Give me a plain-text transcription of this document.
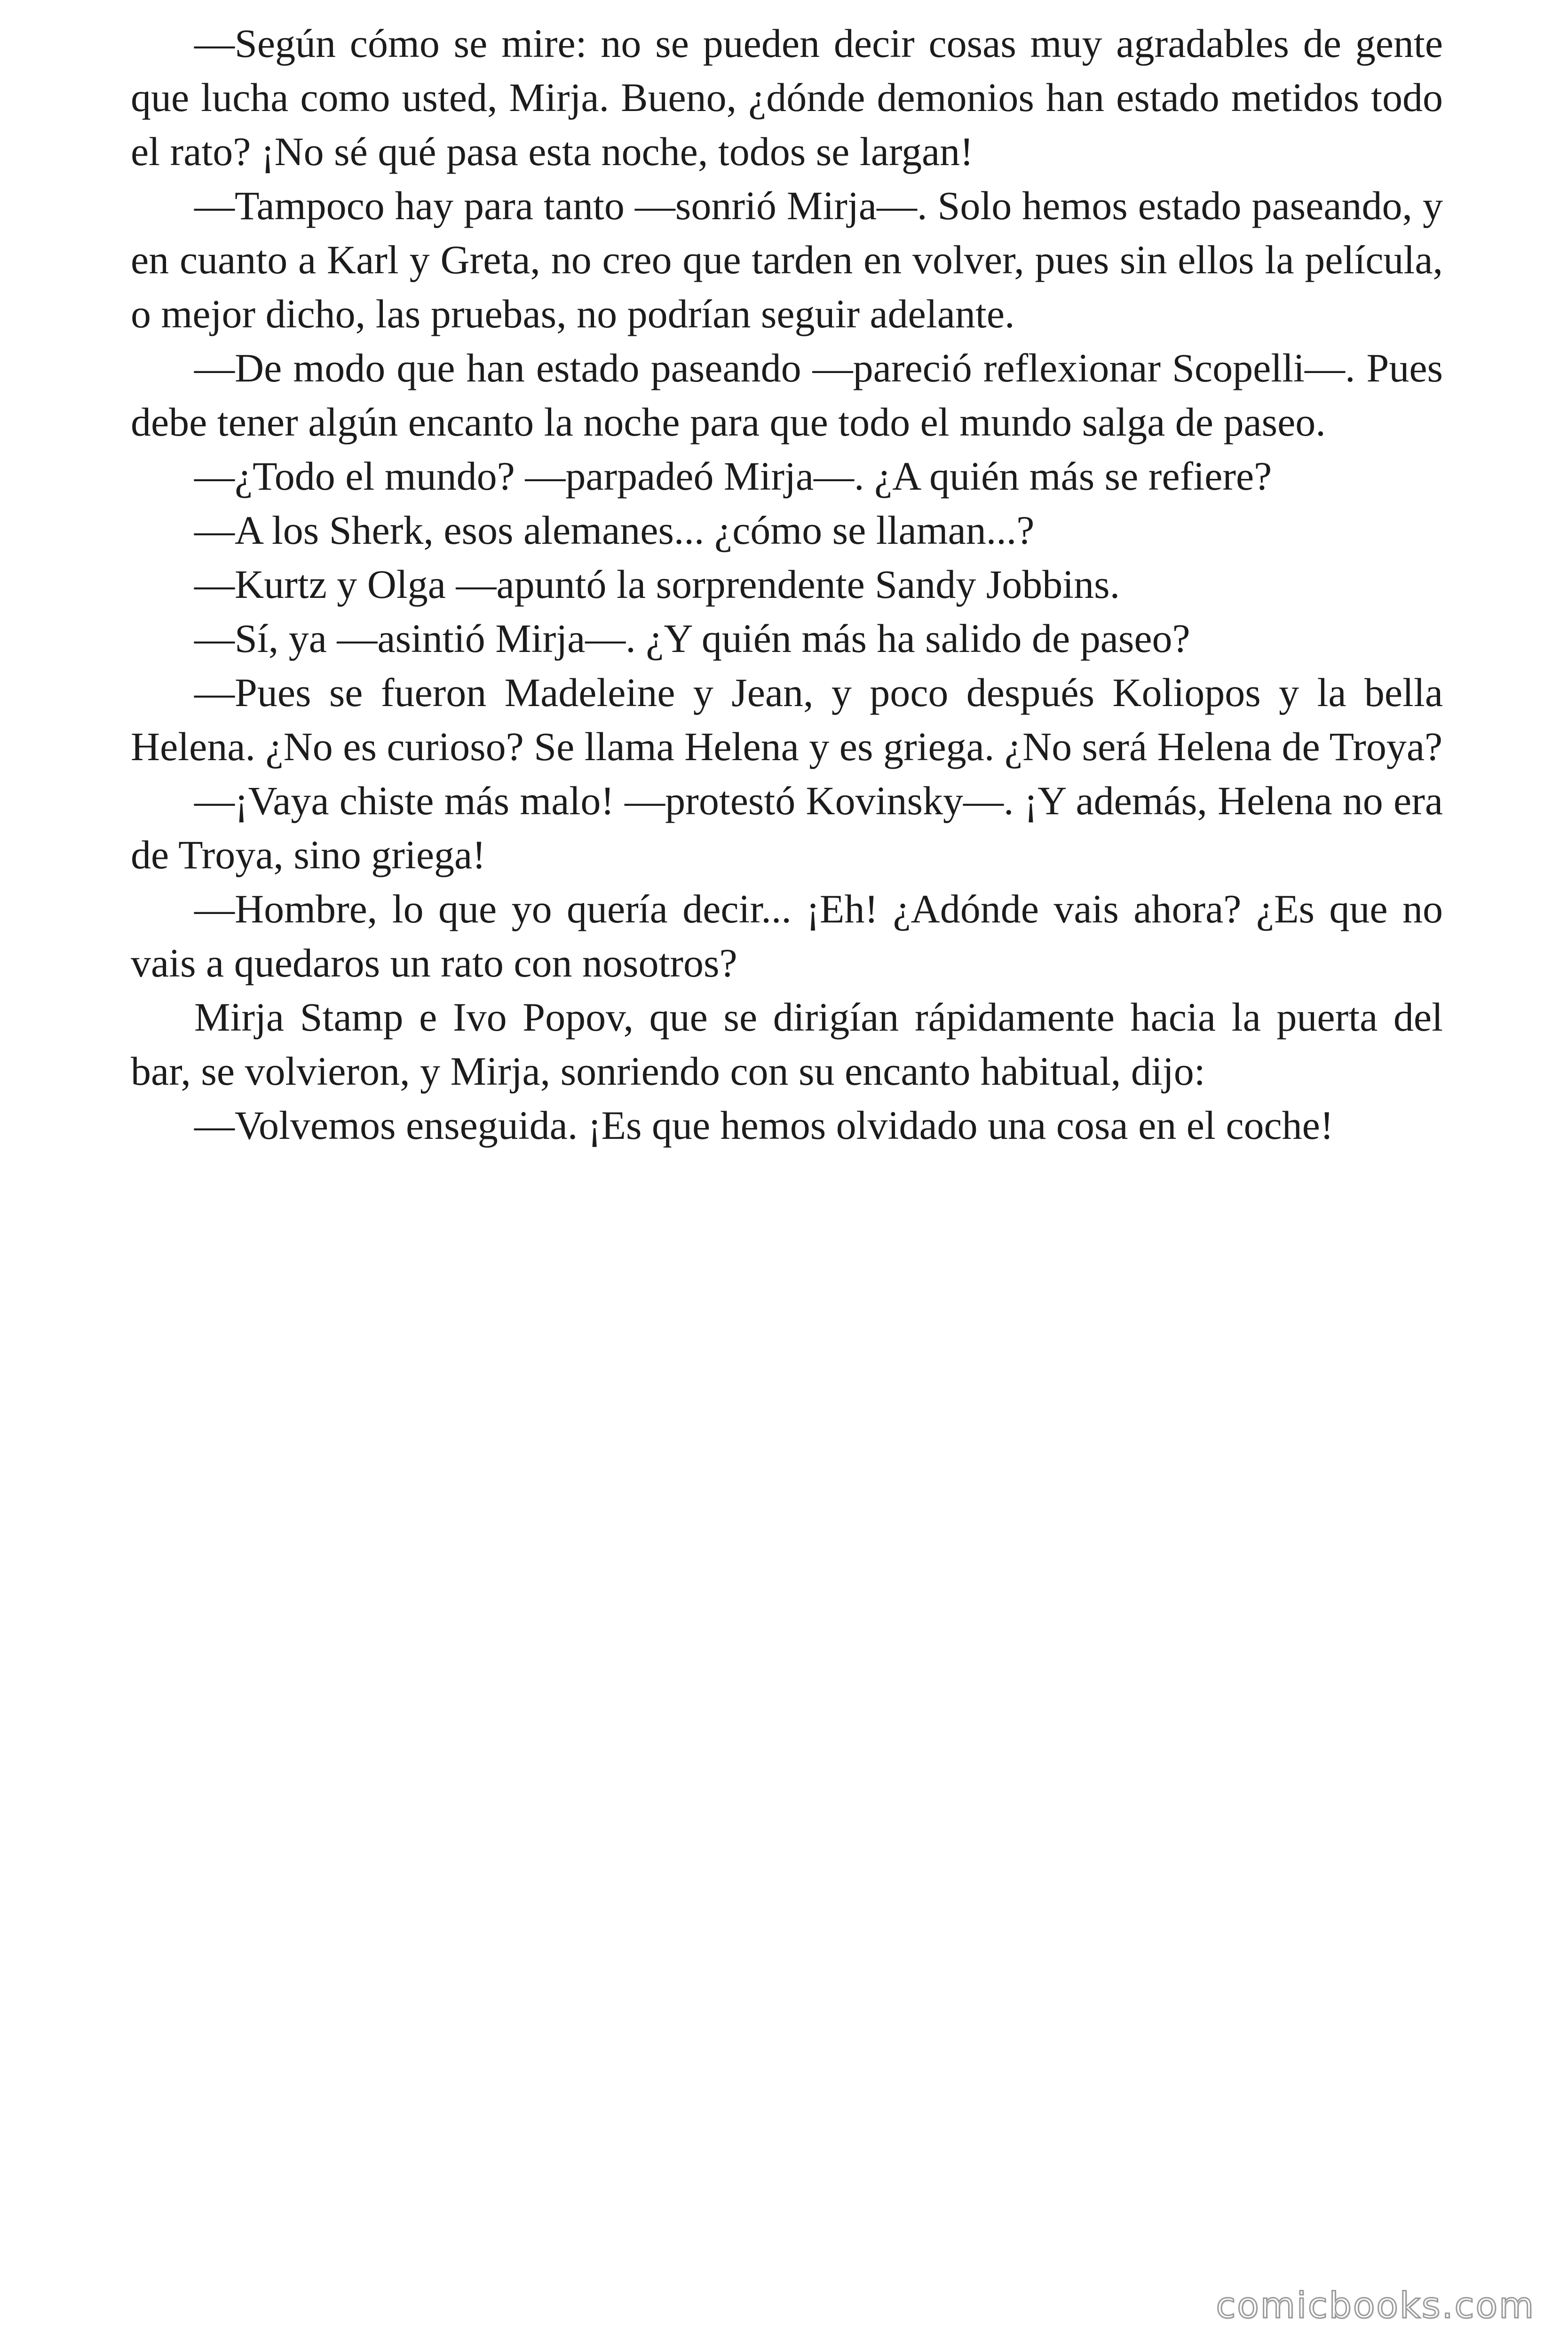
—Según cómo se mire: no se pueden decir cosas muy agradables de gente que lucha como usted, Mirja. Bueno, ¿dónde demonios han estado metidos todo el rato? ¡No sé qué pasa esta noche, todos se largan!

—Tampoco hay para tanto —sonrió Mirja—. Solo hemos estado paseando, y en cuanto a Karl y Greta, no creo que tarden en volver, pues sin ellos la película, o mejor dicho, las pruebas, no podrían seguir adelante.

—De modo que han estado paseando —pareció reflexionar Scopelli—. Pues debe tener algún encanto la noche para que todo el mundo salga de paseo.

—¿Todo el mundo? —parpadeó Mirja—. ¿A quién más se refiere?

—A los Sherk, esos alemanes... ¿cómo se llaman...?

—Kurtz y Olga —apuntó la sorprendente Sandy Jobbins.

—Sí, ya —asintió Mirja—. ¿Y quién más ha salido de paseo?

—Pues se fueron Madeleine y Jean, y poco después Koliopos y la bella Helena. ¿No es curioso? Se llama Helena y es griega. ¿No será Helena de Troya?

—¡Vaya chiste más malo! —protestó Kovinsky—. ¡Y además, Helena no era de Troya, sino griega!

—Hombre, lo que yo quería decir... ¡Eh! ¿Adónde vais ahora? ¿Es que no vais a quedaros un rato con nosotros?

Mirja Stamp e Ivo Popov, que se dirigían rápidamente hacia la puerta del bar, se volvieron, y Mirja, sonriendo con su encanto habitual, dijo:

—Volvemos enseguida. ¡Es que hemos olvidado una cosa en el coche!

comicbooks.com
